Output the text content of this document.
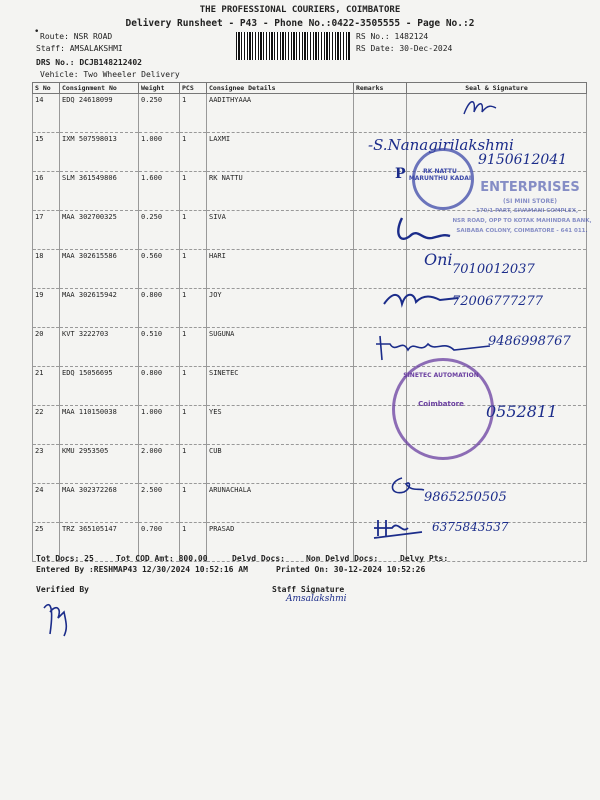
•
THE PROFESSIONAL COURIERS, COIMBATORE
Delivery Runsheet - P43 - Phone No.:0422-3505555 - Page No.:2
Route: NSR ROAD
Staff: AMSALAKSHMI
DRS No.: DCJB148212402
Vehicle: Two Wheeler Delivery
RS No.: 1482124
RS Date: 30-Dec-2024
S No	Consignment No	Weight	PCS	Consignee Details	Remarks	Seal & Signature
14	EDQ 24618099	0.250	1	AADITHYAAA		
15	IXM 507598013	1.000	1	LAXMI		
16	SLM 361549806	1.600	1	RK NATTU		
17	MAA 302700325	0.250	1	SIVA		
18	MAA 302615586	0.560	1	HARI		
19	MAA 302615942	0.800	1	JOY		
20	KVT 3222703	0.510	1	SUGUNA		
21	EDQ 15056695	0.800	1	SINETEC		
22	MAA 110150038	1.000	1	YES		
23	KMU 2953505	2.000	1	CUB		
24	MAA 302372268	2.500	1	ARUNACHALA		
25	TRZ 365105147	0.700	1	PRASAD		
-S.Nanagirilakshmi
9150612041
RK NATTU MARUNTHU KADAI
P
ENTERPRISES
(SI MINI STORE)
170/1 PART, SIVAMANI COMPLEX,
NSR ROAD, OPP TO KOTAK MAHINDRA BANK,
SAIBABA COLONY, COIMBATORE - 641 011.
Oni
7010012037
72006777277
9486998767
SINETEC AUTOMATION
Coimbatore	0552811
9865250505
6375843537
Tot Docs: 25	Tot COD Amt: 800.00	Delvd Docs:	Non Delvd Docs:	Delvy Pts:
Entered By :RESHMAP43 12/30/2024 10:52:16 AM	Printed On: 30-12-2024 10:52:26
Verified By	Staff Signature
Amsalakshmi
